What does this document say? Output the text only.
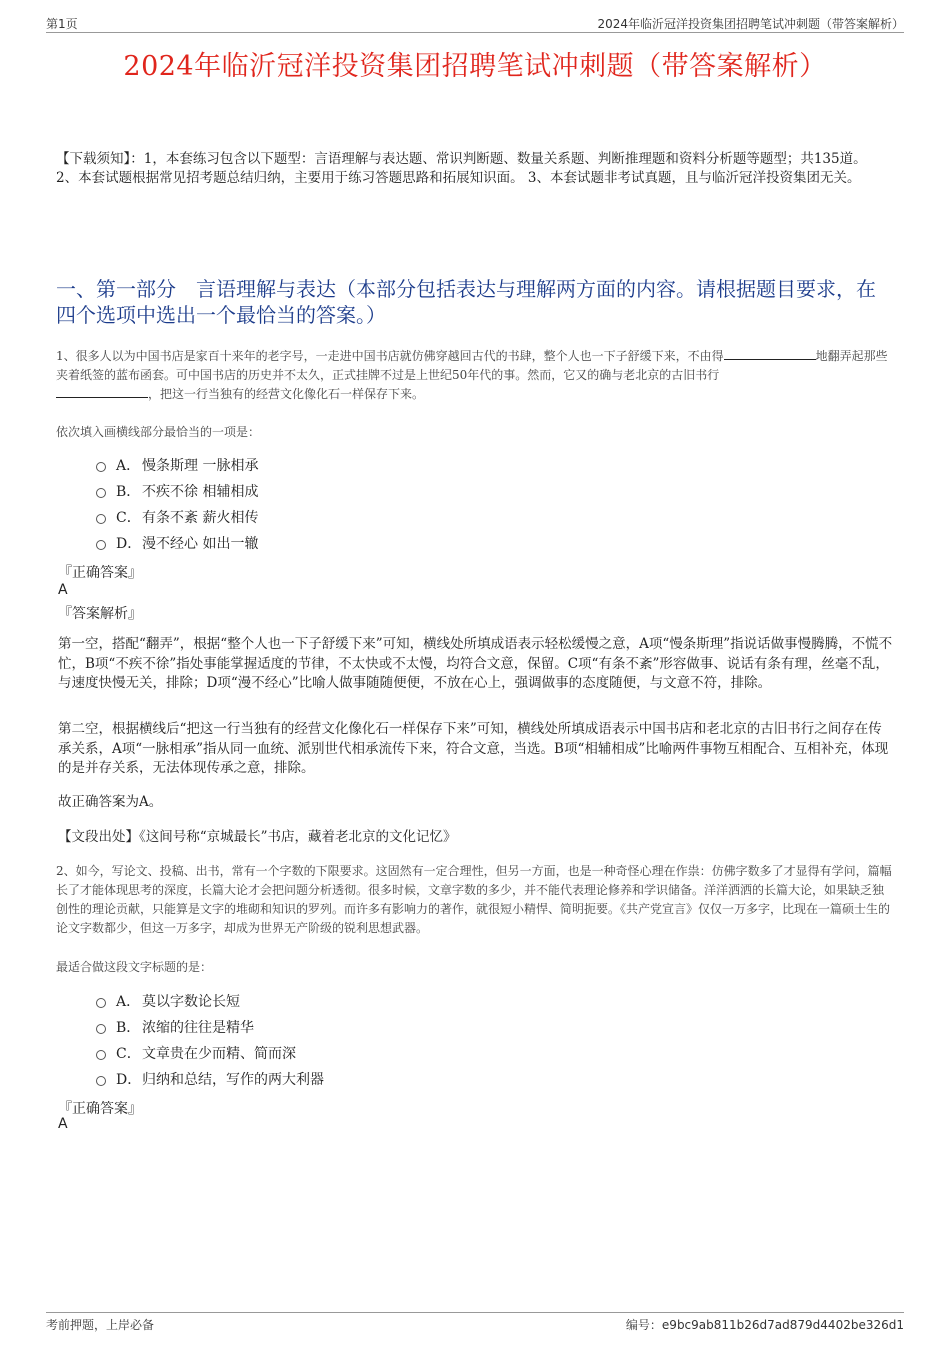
第1页	2024年临沂冠洋投资集团招聘笔试冲刺题（带答案解析）
2024年临沂冠洋投资集团招聘笔试冲刺题（带答案解析）
【下载须知】：1，本套练习包含以下题型：言语理解与表达题、常识判断题、数量关系题、判断推理题和资料分析题等题型；共135道。 2、本套试题根据常见招考题总结归纳，主要用于练习答题思路和拓展知识面。 3、本套试题非考试真题，且与临沂冠洋投资集团无关。
一、第一部分　言语理解与表达（本部分包括表达与理解两方面的内容。请根据题目要求，在四个选项中选出一个最恰当的答案。）
1、很多人以为中国书店是家百十来年的老字号，一走进中国书店就仿佛穿越回古代的书肆，整个人也一下子舒缓下来，不由得	地翻弄起那些夹着纸签的蓝布函套。可中国书店的历史并不太久，正式挂牌不过是上世纪50年代的事。然而，它又的确与老北京的古旧书行
，把这一行当独有的经营文化像化石一样保存下来。
依次填入画横线部分最恰当的一项是：
A． 慢条斯理 一脉相承
B． 不疾不徐 相辅相成
C． 有条不紊 薪火相传
D． 漫不经心 如出一辙
『正确答案』
A
『答案解析』
第一空，搭配“翻弄”，根据“整个人也一下子舒缓下来”可知，横线处所填成语表示轻松缓慢之意，A项“慢条斯理”指说话做事慢腾腾，不慌不忙，B项“不疾不徐”指处事能掌握适度的节律，不太快或不太慢，均符合文意，保留。C项“有条不紊”形容做事、说话有条有理，丝毫不乱，与速度快慢无关，排除；D项“漫不经心”比喻人做事随随便便，不放在心上，强调做事的态度随便，与文意不符，排除。
第二空，根据横线后“把这一行当独有的经营文化像化石一样保存下来”可知，横线处所填成语表示中国书店和老北京的古旧书行之间存在传承关系，A项“一脉相承”指从同一血统、派别世代相承流传下来，符合文意，当选。B项“相辅相成”比喻两件事物互相配合、互相补充，体现的是并存关系，无法体现传承之意，排除。
故正确答案为A。
【文段出处】《这间号称“京城最长”书店，藏着老北京的文化记忆》
2、如今，写论文、投稿、出书，常有一个字数的下限要求。这固然有一定合理性，但另一方面，也是一种奇怪心理在作祟：仿佛字数多了才显得有学问，篇幅长了才能体现思考的深度，长篇大论才会把问题分析透彻。很多时候，文章字数的多少，并不能代表理论修养和学识储备。洋洋洒洒的长篇大论，如果缺乏独创性的理论贡献，只能算是文字的堆砌和知识的罗列。而许多有影响力的著作，就很短小精悍、简明扼要。《共产党宣言》仅仅一万多字，比现在一篇硕士生的论文字数都少，但这一万多字，却成为世界无产阶级的锐利思想武器。
最适合做这段文字标题的是：
A． 莫以字数论长短
B． 浓缩的往往是精华
C． 文章贵在少而精、简而深
D． 归纳和总结，写作的两大利器
『正确答案』
A
考前押题，上岸必备	编号：e9bc9ab811b26d7ad879d4402be326d1
